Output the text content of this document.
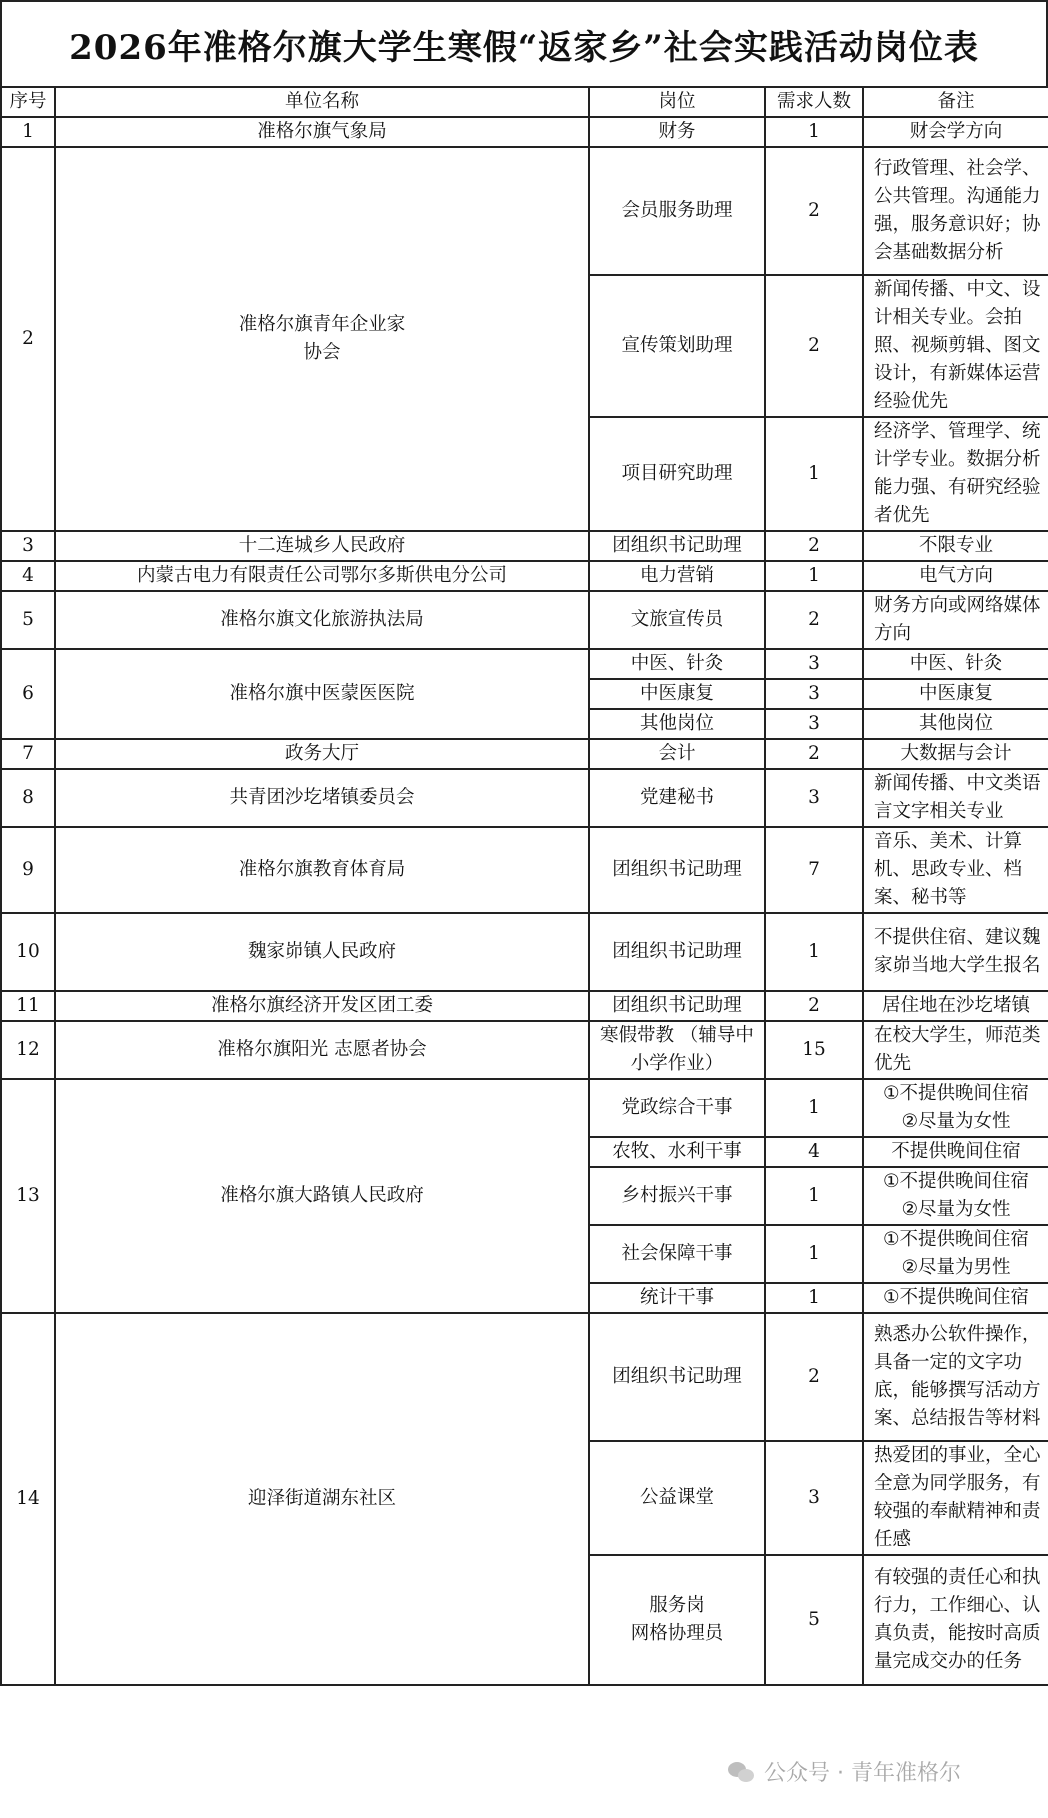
2026年准格尔旗大学生寒假“返家乡”社会实践活动岗位表
序号	单位名称	岗位	需求人数	备注
1	准格尔旗气象局	财务	1	财会学方向
2	准格尔旗青年企业家
协会	会员服务助理	2	行政管理、社会学、公共管理。沟通能力强，服务意识好；协会基础数据分析
		宣传策划助理	2	新闻传播、中文、设计相关专业。会拍照、视频剪辑、图文设计，有新媒体运营经验优先
		项目研究助理	1	经济学、管理学、统计学专业。数据分析能力强、有研究经验者优先
3	十二连城乡人民政府	团组织书记助理	2	不限专业
4	内蒙古电力有限责任公司鄂尔多斯供电分公司	电力营销	1	电气方向
5	准格尔旗文化旅游执法局	文旅宣传员	2	财务方向或网络媒体方向
6	准格尔旗中医蒙医医院	中医、针灸	3	中医、针灸
		中医康复	3	中医康复
		其他岗位	3	其他岗位
7	政务大厅	会计	2	大数据与会计
8	共青团沙圪堵镇委员会	党建秘书	3	新闻传播、中文类语言文字相关专业
9	准格尔旗教育体育局	团组织书记助理	7	音乐、美术、计算机、思政专业、档案、秘书等
10	魏家峁镇人民政府	团组织书记助理	1	不提供住宿、建议魏家峁当地大学生报名
11	准格尔旗经济开发区团工委	团组织书记助理	2	居住地在沙圪堵镇
12	准格尔旗阳光 志愿者协会	寒假带教 （辅导中小学作业）	15	在校大学生，师范类优先
13	准格尔旗大路镇人民政府	党政综合干事	1	①不提供晚间住宿
②尽量为女性
		农牧、水利干事	4	不提供晚间住宿
		乡村振兴干事	1	①不提供晚间住宿
②尽量为女性
		社会保障干事	1	①不提供晚间住宿
②尽量为男性
		统计干事	1	①不提供晚间住宿
14	迎泽街道湖东社区	团组织书记助理	2	熟悉办公软件操作，具备一定的文字功底，能够撰写活动方案、总结报告等材料
		公益课堂	3	热爱团的事业，全心全意为同学服务，有较强的奉献精神和责任感
		服务岗
网格协理员	5	有较强的责任心和执行力，工作细心、认真负责，能按时高质量完成交办的任务
公众号 · 青年准格尔
